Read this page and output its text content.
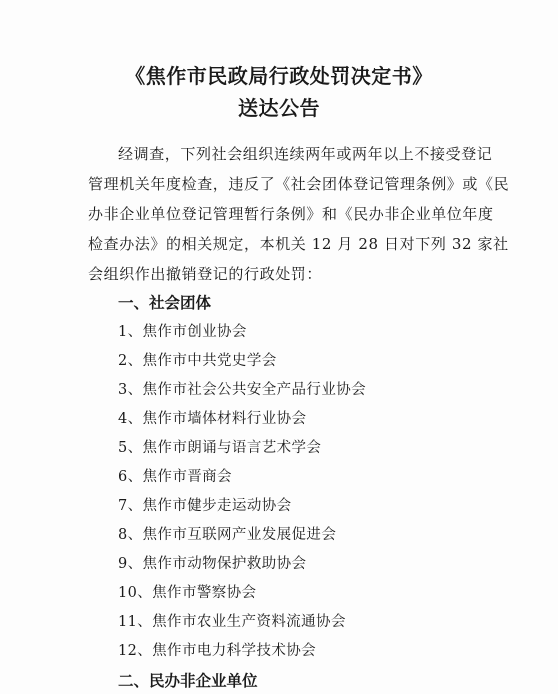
《焦作市民政局行政处罚决定书》
送达公告
经调查，下列社会组织连续两年或两年以上不接受登记
管理机关年度检查，违反了《社会团体登记管理条例》或《民
办非企业单位登记管理暂行条例》和《民办非企业单位年度
检查办法》的相关规定，本机关 12 月 28 日对下列 32 家社
会组织作出撤销登记的行政处罚：
一、社会团体
1、焦作市创业协会
2、焦作市中共党史学会
3、焦作市社会公共安全产品行业协会
4、焦作市墙体材料行业协会
5、焦作市朗诵与语言艺术学会
6、焦作市晋商会
7、焦作市健步走运动协会
8、焦作市互联网产业发展促进会
9、焦作市动物保护救助协会
10、焦作市警察协会
11、焦作市农业生产资料流通协会
12、焦作市电力科学技术协会
二、民办非企业单位
